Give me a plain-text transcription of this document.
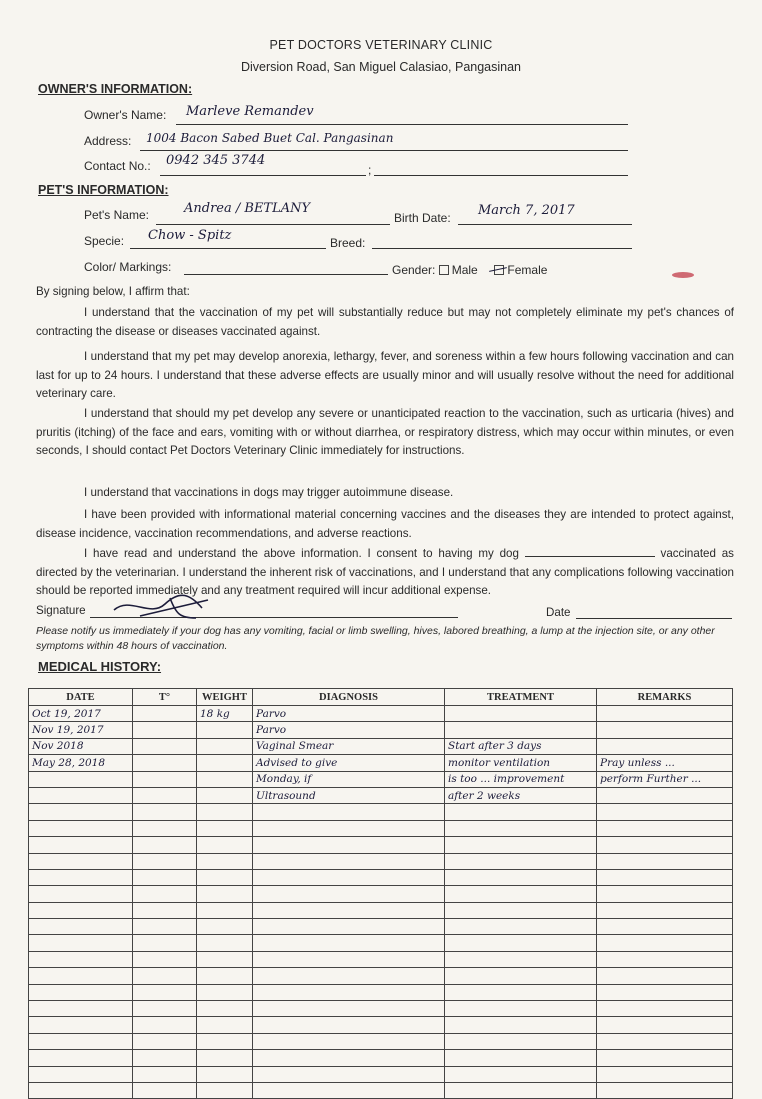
PET DOCTORS VETERINARY CLINIC
Diversion Road, San Miguel Calasiao, Pangasinan
OWNER'S INFORMATION:
Owner's Name: Marleve Remandev
Address: 1004 Bacon Sabed Buet Cal. Pangasinan
Contact No.:	;
0942 345 3744
PET'S INFORMATION:
Pet's Name:	Andrea / BETLANY
Birth Date: March 7, 2017
Specie: Chow - Spitz	Breed:
Color/ Markings:	Gender: Male Female
By signing below, I affirm that:
I understand that the vaccination of my pet will substantially reduce but may not completely eliminate my pet's chances of contracting the disease or diseases vaccinated against.
I understand that my pet may develop anorexia, lethargy, fever, and soreness within a few hours following vaccination and can last for up to 24 hours. I understand that these adverse effects are usually minor and will usually resolve without the need for additional veterinary care.
I understand that should my pet develop any severe or unanticipated reaction to the vaccination, such as urticaria (hives) and pruritis (itching) of the face and ears, vomiting with or without diarrhea, or respiratory distress, which may occur within minutes, or even seconds, I should contact Pet Doctors Veterinary Clinic immediately for instructions.
I understand that vaccinations in dogs may trigger autoimmune disease.
I have been provided with informational material concerning vaccines and the diseases they are intended to protect against, disease incidence, vaccination recommendations, and adverse reactions.
I have read and understand the above information. I consent to having my dog	vaccinated as directed by the veterinarian. I understand the inherent risk of vaccinations, and I understand that any complications following vaccination should be reported immediately and any treatment required will incur additional expense.
Signature	Date
Please notify us immediately if your dog has any vomiting, facial or limb swelling, hives, labored breathing, a lump at the injection site, or any other symptoms within 48 hours of vaccination.
MEDICAL HISTORY:
DATE	T°	WEIGHT	DIAGNOSIS	TREATMENT	REMARKS
Oct 19, 2017		18 kg	Parvo		
Nov 19, 2017			Parvo		
Nov 2018			Vaginal Smear	Start after 3 days	
May 28, 2018			Advised to give	monitor ventilation	Pray unless ...
			Monday, if	is too ... improvement	perform Further ...
			Ultrasound	after 2 weeks	
